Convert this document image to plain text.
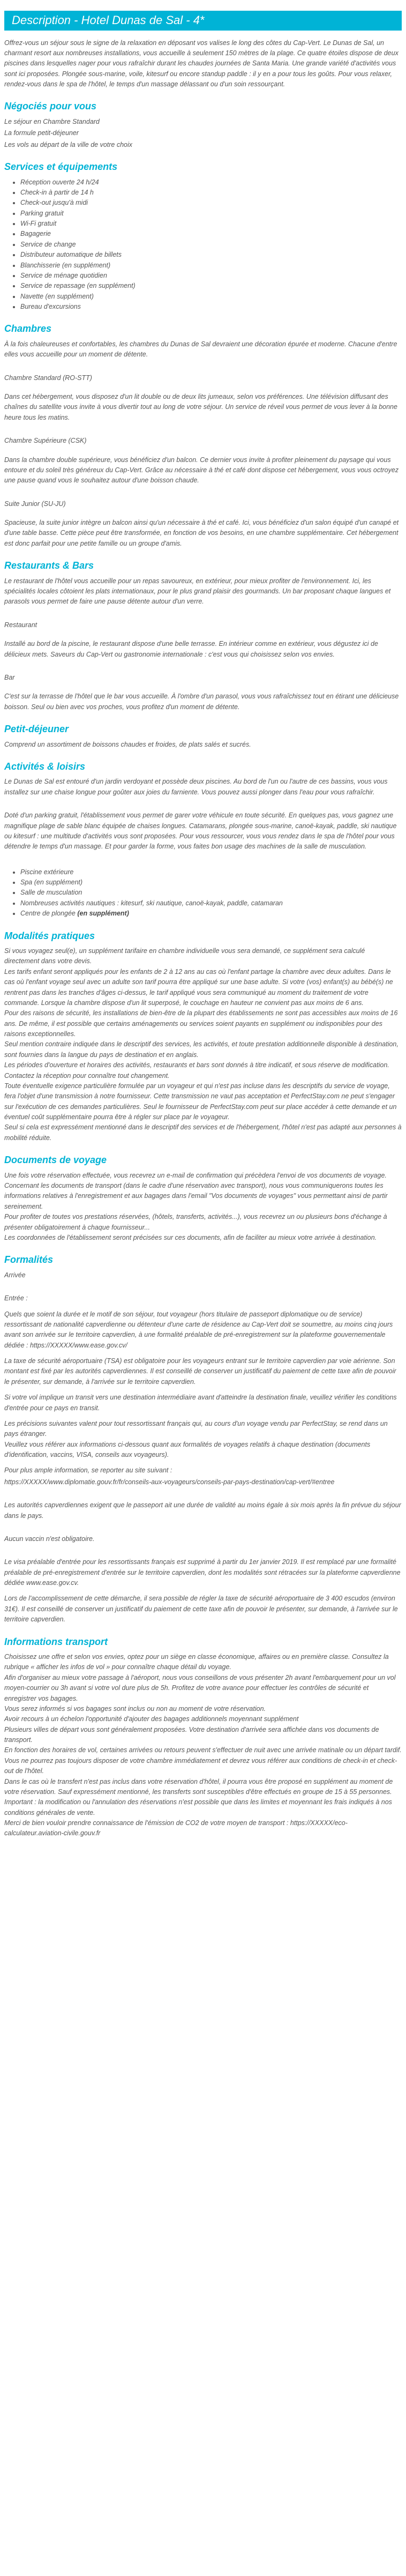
Description - Hotel Dunas de Sal - 4*

Offrez-vous un séjour sous le signe de la relaxation en déposant vos valises le long des côtes du Cap-Vert. Le Dunas de Sal, un charmant resort aux nombreuses installations, vous accueille à seulement 150 mètres de la plage. Ce quatre étoiles dispose de deux piscines dans lesquelles nager pour vous rafraîchir durant les chaudes journées de Santa Maria. Une grande variété d'activités vous sont ici proposées. Plongée sous-marine, voile, kitesurf ou encore standup paddle : il y en a pour tous les goûts. Pour vous relaxer, rendez-vous dans le spa de l'hôtel, le temps d'un massage délassant ou d'un soin ressourçant.

Négociés pour vous

Le séjour en Chambre Standard

La formule petit-déjeuner

Les vols au départ de la ville de votre choix

Services et équipements
• Réception ouverte 24 h/24
• Check-in à partir de 14 h
• Check-out jusqu'à midi
• Parking gratuit
• Wi-Fi gratuit
• Bagagerie
• Service de change
• Distributeur automatique de billets
• Blanchisserie (en supplément)
• Service de ménage quotidien
• Service de repassage (en supplément)
• Navette (en supplément)
• Bureau d'excursions
Chambres

À la fois chaleureuses et confortables, les chambres du Dunas de Sal devraient une décoration épurée et moderne. Chacune d'entre elles vous accueille pour un moment de détente.

Chambre Standard (RO-STT)

Dans cet hébergement, vous disposez d'un lit double ou de deux lits jumeaux, selon vos préférences. Une télévision diffusant des chaînes du satellite vous invite à vous divertir tout au long de votre séjour. Un service de réveil vous permet de vous lever à la bonne heure tous les matins.

Chambre Supérieure (CSK)

Dans la chambre double supérieure, vous bénéficiez d'un balcon. Ce dernier vous invite à profiter pleinement du paysage qui vous entoure et du soleil très généreux du Cap-Vert. Grâce au nécessaire à thé et café dont dispose cet hébergement, vous vous octroyez une pause quand vous le souhaitez autour d'une boisson chaude.

Suite Junior (SU-JU)

Spacieuse, la suite junior intègre un balcon ainsi qu'un nécessaire à thé et café. Ici, vous bénéficiez d'un salon équipé d'un canapé et d'une table basse. Cette pièce peut être transformée, en fonction de vos besoins, en une chambre supplémentaire. Cet hébergement est donc parfait pour une petite famille ou un groupe d'amis.

Restaurants & Bars

Le restaurant de l'hôtel vous accueille pour un repas savoureux, en extérieur, pour mieux profiter de l'environnement. Ici, les spécialités locales côtoient les plats internationaux, pour le plus grand plaisir des gourmands. Un bar proposant chaque langues et parasols vous permet de faire une pause détente autour d'un verre.

Restaurant

Installé au bord de la piscine, le restaurant dispose d'une belle terrasse. En intérieur comme en extérieur, vous dégustez ici de délicieux mets. Saveurs du Cap-Vert ou gastronomie internationale : c'est vous qui choisissez selon vos envies.

Bar

C'est sur la terrasse de l'hôtel que le bar vous accueille. À l'ombre d'un parasol, vous vous rafraîchissez tout en étirant une délicieuse boisson. Seul ou bien avec vos proches, vous profitez d'un moment de détente.

Petit-déjeuner

Comprend un assortiment de boissons chaudes et froides, de plats salés et sucrés.

Activités & loisirs

Le Dunas de Sal est entouré d'un jardin verdoyant et possède deux piscines. Au bord de l'un ou l'autre de ces bassins, vous vous installez sur une chaise longue pour goûter aux joies du farniente. Vous pouvez aussi plonger dans l'eau pour vous rafraîchir.

Doté d'un parking gratuit, l'établissement vous permet de garer votre véhicule en toute sécurité. En quelques pas, vous gagnez une magnifique plage de sable blanc équipée de chaises longues. Catamarans, plongée sous-marine, canoë-kayak, paddle, ski nautique ou kitesurf : une multitude d'activités vous sont proposées. Pour vous ressourcer, vous vous rendez dans le spa de l'hôtel pour vous détendre le temps d'un massage. Et pour garder la forme, vous faites bon usage des machines de la salle de musculation.

• Piscine extérieure
• Spa (en supplément)
• Salle de musculation
• Nombreuses activités nautiques : kitesurf, ski nautique, canoë-kayak, paddle, catamaran
• Centre de plongée (en supplément)
Modalités pratiques

Si vous voyagez seul(e), un supplément tarifaire en chambre individuelle vous sera demandé, ce supplément sera calculé directement dans votre devis.
Les tarifs enfant seront appliqués pour les enfants de 2 à 12 ans au cas où l'enfant partage la chambre avec deux adultes. Dans le cas où l'enfant voyage seul avec un adulte son tarif pourra être appliqué sur une base adulte. Si votre (vos) enfant(s) au bébé(s) ne rentrent pas dans les tranches d'âges ci-dessus, le tarif appliqué vous sera communiqué au moment du traitement de votre commande. Lorsque la chambre dispose d'un lit superposé, le couchage en hauteur ne convient pas aux moins de 6 ans.
Pour des raisons de sécurité, les installations de bien-être de la plupart des établissements ne sont pas accessibles aux moins de 16 ans. De même, il est possible que certains aménagements ou services soient payants en supplément ou indisponibles pour des raisons exceptionnelles.
Seul mention contraire indiquée dans le descriptif des services, les activités, et toute prestation additionnelle disponible à destination, sont fournies dans la langue du pays de destination et en anglais.
Les périodes d'ouverture et horaires des activités, restaurants et bars sont donnés à titre indicatif, et sous réserve de modification. Contactez la réception pour connaître tout changement.
Toute éventuelle exigence particulière formulée par un voyageur et qui n'est pas incluse dans les descriptifs du service de voyage, fera l'objet d'une transmission à notre fournisseur. Cette transmission ne vaut pas acceptation et PerfectStay.com ne peut s'engager sur l'exécution de ces demandes particulières. Seul le fournisseur de PerfectStay.com peut sur place accéder à cette demande et un éventuel coût supplémentaire pourra être à régler sur place par le voyageur.
Seul si cela est expressément mentionné dans le descriptif des services et de l'hébergement, l'hôtel n'est pas adapté aux personnes à mobilité réduite.

Documents de voyage

Une fois votre réservation effectuée, vous recevrez un e-mail de confirmation qui précèdera l'envoi de vos documents de voyage.
Concernant les documents de transport (dans le cadre d'une réservation avec transport), nous vous communiquerons toutes les informations relatives à l'enregistrement et aux bagages dans l'email "Vos documents de voyages" vous permettant ainsi de partir sereinement.
Pour profiter de toutes vos prestations réservées, (hôtels, transferts, activités...), vous recevrez un ou plusieurs bons d'échange à présenter obligatoirement à chaque fournisseur...
Les coordonnées de l'établissement seront précisées sur ces documents, afin de faciliter au mieux votre arrivée à destination.

Formalités

Arrivée

Entrée :

Quels que soient la durée et le motif de son séjour, tout voyageur (hors titulaire de passeport diplomatique ou de service) ressortissant de nationalité capverdienne ou détenteur d'une carte de résidence au Cap-Vert doit se soumettre, au moins cinq jours avant son arrivée sur le territoire capverdien, à une formalité préalable de pré-enregistrement sur la plateforme gouvernementale dédiée : https://XXXXX/www.ease.gov.cv/

La taxe de sécurité aéroportuaire (TSA) est obligatoire pour les voyageurs entrant sur le territoire capverdien par voie aérienne. Son montant est fixé par les autorités capverdiennes. Il est conseillé de conserver un justificatif du paiement de cette taxe afin de pouvoir le présenter, sur demande, à l'arrivée sur le territoire capverdien.

Si votre vol implique un transit vers une destination intermédiaire avant d'atteindre la destination finale, veuillez vérifier les conditions d'entrée pour ce pays en transit.

Les précisions suivantes valent pour tout ressortissant français qui, au cours d'un voyage vendu par PerfectStay, se rend dans un pays étranger.
Veuillez vous référer aux informations ci-dessous quant aux formalités de voyages relatifs à chaque destination (documents d'identification, vaccins, VISA, conseils aux voyageurs).

Pour plus ample information, se reporter au site suivant :

https://XXXXX/www.diplomatie.gouv.fr/fr/conseils-aux-voyageurs/conseils-par-pays-destination/cap-vert/#entree

Les autorités capverdiennes exigent que le passeport ait une durée de validité au moins égale à six mois après la fin prévue du séjour dans le pays.

Aucun vaccin n'est obligatoire.

Le visa préalable d'entrée pour les ressortissants français est supprimé à partir du 1er janvier 2019. Il est remplacé par une formalité préalable de pré-enregistrement d'entrée sur le territoire capverdien, dont les modalités sont rétracées sur la plateforme capverdienne dédiée www.ease.gov.cv.

Lors de l'accomplissement de cette démarche, il sera possible de régler la taxe de sécurité aéroportuaire de 3 400 escudos (environ 31€). Il est conseillé de conserver un justificatif du paiement de cette taxe afin de pouvoir le présenter, sur demande, à l'arrivée sur le territoire capverdien.

Informations transport

Choisissez une offre et selon vos envies, optez pour un siège en classe économique, affaires ou en première classe. Consultez la rubrique « afficher les infos de vol » pour connaître chaque détail du voyage.
Afin d'organiser au mieux votre passage à l'aéroport, nous vous conseillons de vous présenter 2h avant l'embarquement pour un vol moyen-courrier ou 3h avant si votre vol dure plus de 5h. Profitez de votre avance pour effectuer les contrôles de sécurité et enregistrer vos bagages.
Vous serez informés si vos bagages sont inclus ou non au moment de votre réservation.
Avoir recours à un échelon l'opportunité d'ajouter des bagages additionnels moyennant supplément
Plusieurs villes de départ vous sont généralement proposées. Votre destination d'arrivée sera affichée dans vos documents de transport.
En fonction des horaires de vol, certaines arrivées ou retours peuvent s'effectuer de nuit avec une arrivée matinale ou un départ tardif. Vous ne pourrez pas toujours disposer de votre chambre immédiatement et devrez vous référer aux conditions de check-in et check-out de l'hôtel.
Dans le cas où le transfert n'est pas inclus dans votre réservation d'hôtel, il pourra vous être proposé en supplément au moment de votre réservation. Sauf expressément mentionné, les transferts sont susceptibles d'être effectués en groupe de 15 à 55 personnes.
Important : la modification ou l'annulation des réservations n'est possible que dans les limites et moyennant les frais indiqués à nos conditions générales de vente.
Merci de bien vouloir prendre connaissance de l'émission de CO2 de votre moyen de transport : https://XXXXX/eco-calculateur.aviation-civile.gouv.fr
